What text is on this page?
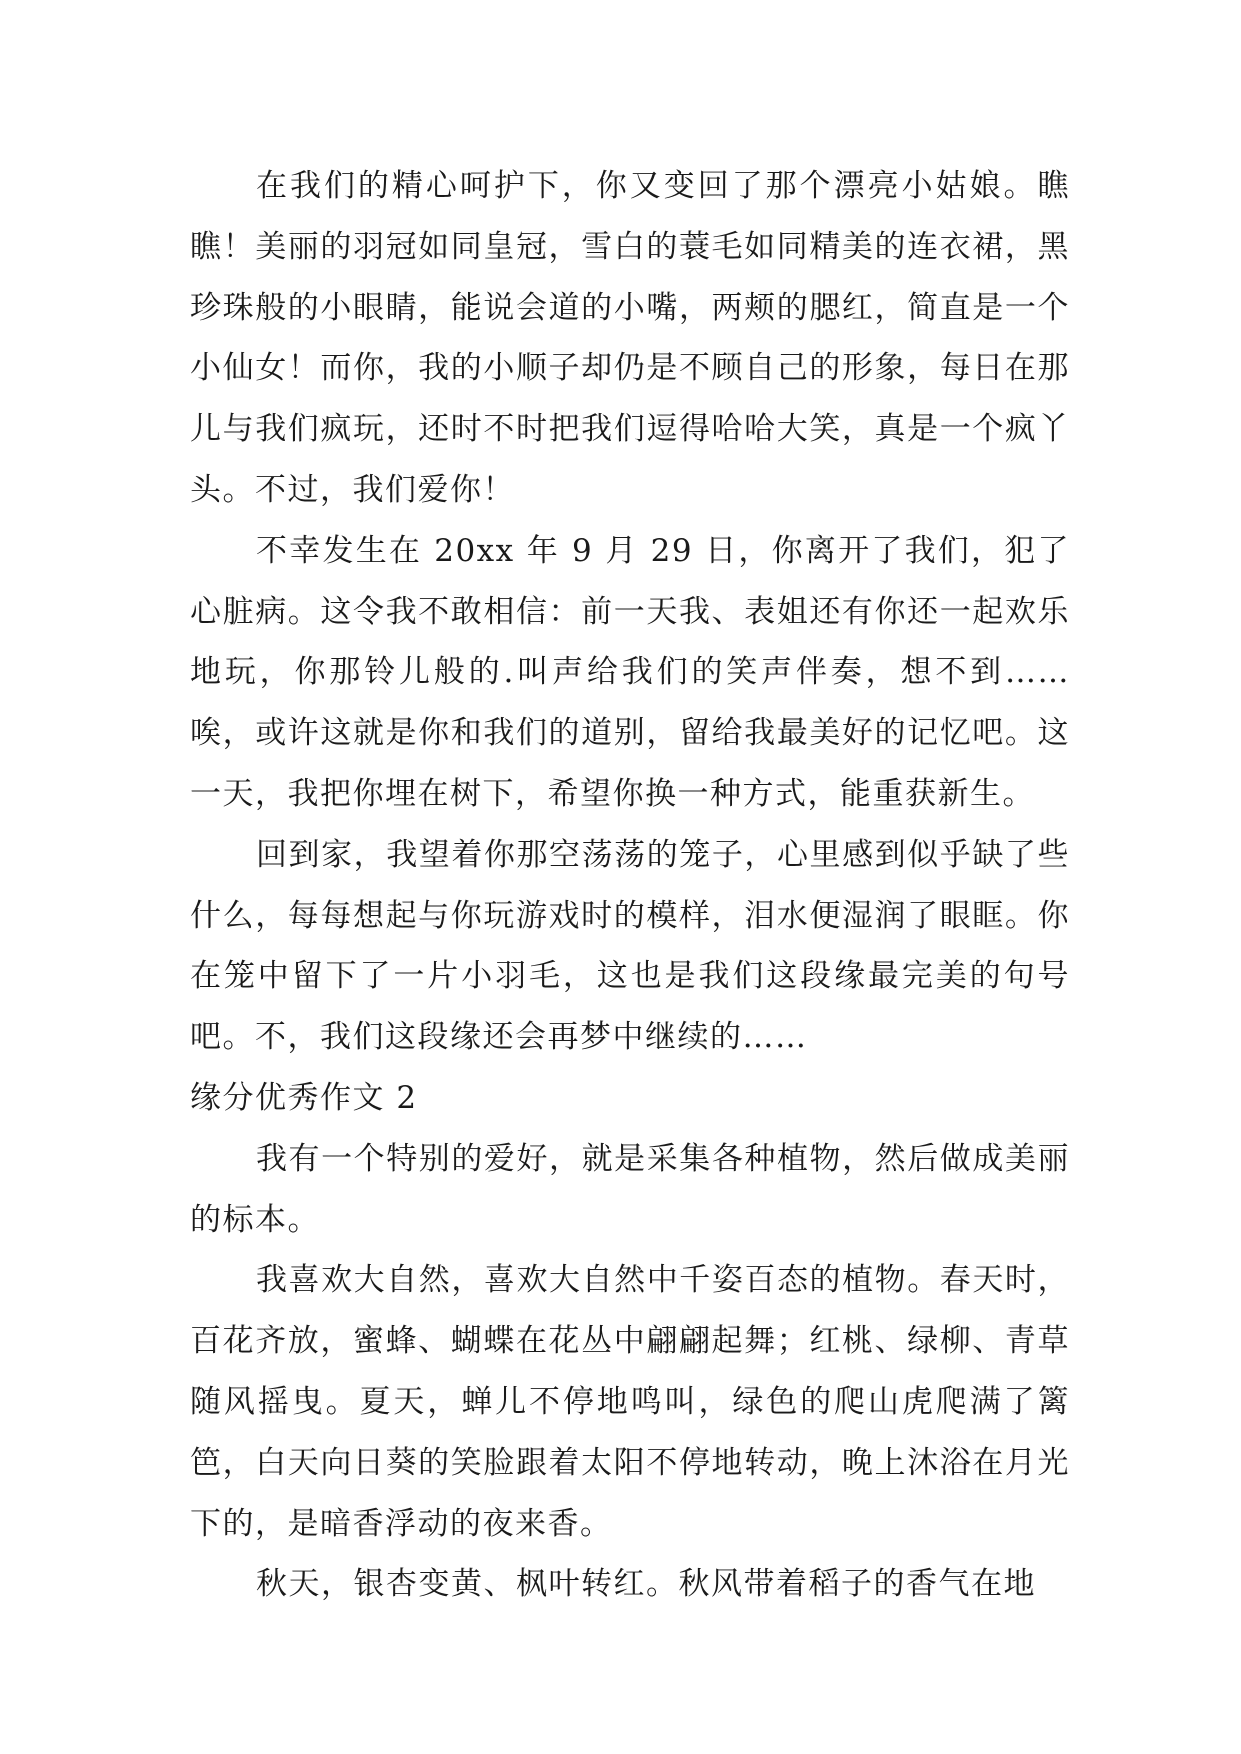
在我们的精心呵护下，你又变回了那个漂亮小姑娘。瞧瞧！美丽的羽冠如同皇冠，雪白的蓑毛如同精美的连衣裙，黑珍珠般的小眼睛，能说会道的小嘴，两颊的腮红，简直是一个小仙女！而你，我的小顺子却仍是不顾自己的形象，每日在那儿与我们疯玩，还时不时把我们逗得哈哈大笑，真是一个疯丫头。不过，我们爱你！

不幸发生在 20xx 年 9 月 29 日，你离开了我们，犯了心脏病。这令我不敢相信：前一天我、表姐还有你还一起欢乐地玩，你那铃儿般的.叫声给我们的笑声伴奏，想不到……唉，或许这就是你和我们的道别，留给我最美好的记忆吧。这一天，我把你埋在树下，希望你换一种方式，能重获新生。

回到家，我望着你那空荡荡的笼子，心里感到似乎缺了些什么，每每想起与你玩游戏时的模样，泪水便湿润了眼眶。你在笼中留下了一片小羽毛，这也是我们这段缘最完美的句号吧。不，我们这段缘还会再梦中继续的……

缘分优秀作文 2

我有一个特别的爱好，就是采集各种植物，然后做成美丽的标本。

我喜欢大自然，喜欢大自然中千姿百态的植物。春天时，百花齐放，蜜蜂、蝴蝶在花丛中翩翩起舞；红桃、绿柳、青草随风摇曳。夏天，蝉儿不停地鸣叫，绿色的爬山虎爬满了篱笆，白天向日葵的笑脸跟着太阳不停地转动，晚上沐浴在月光下的，是暗香浮动的夜来香。

秋天，银杏变黄、枫叶转红。秋风带着稻子的香气在地
